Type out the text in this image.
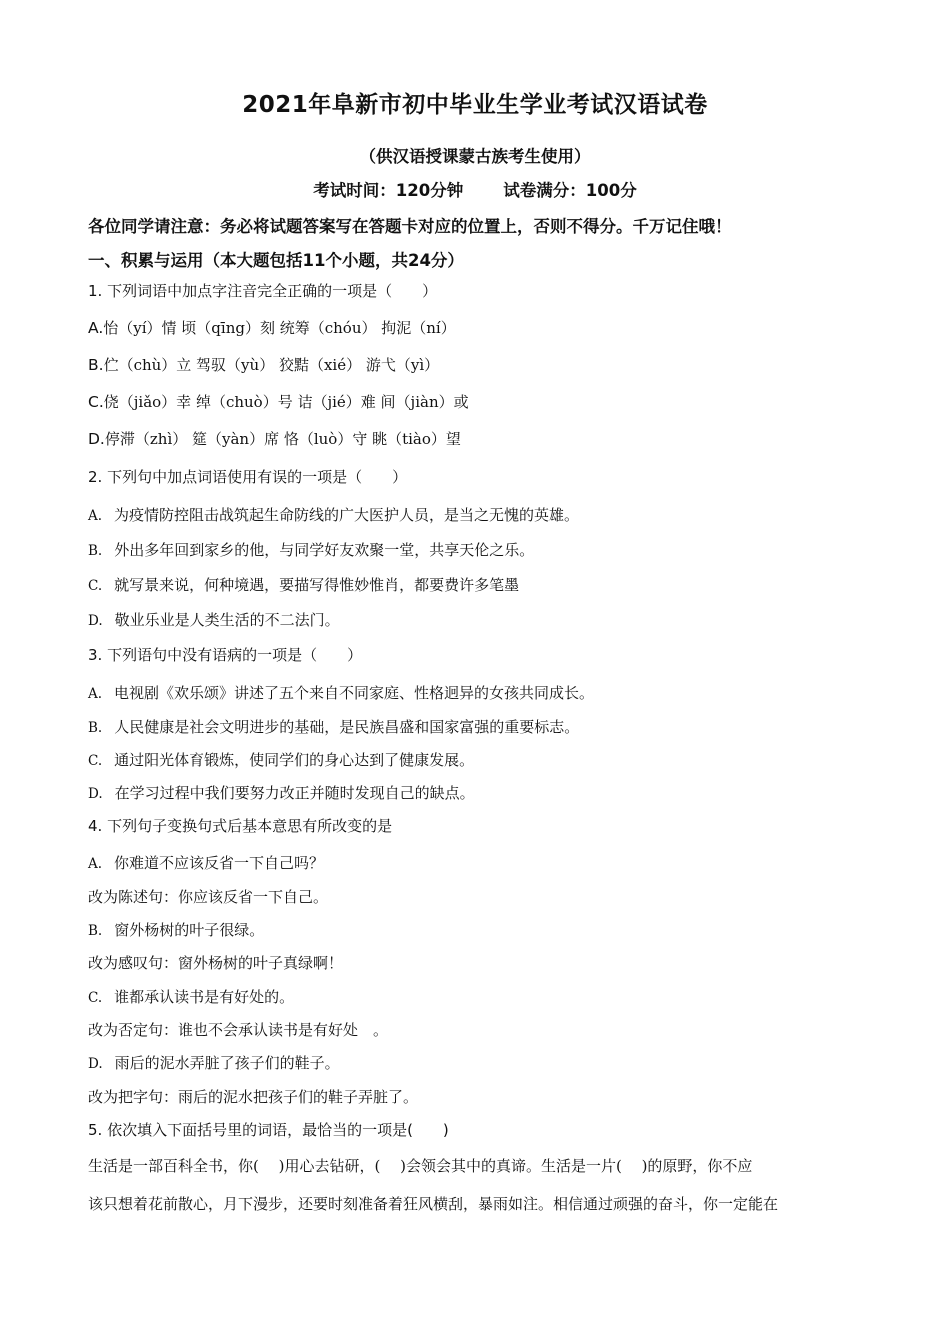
2021年阜新市初中毕业生学业考试汉语试卷
（供汉语授课蒙古族考生使用）
考试时间：120分钟 试卷满分：100分
各位同学请注意：务必将试题答案写在答题卡对应的位置上，否则不得分。千万记住哦！
一、积累与运用（本大题包括11个小题，共24分）
1. 下列词语中加点字注音完全正确的一项是（　　）
A.怡（yí）情 顷（qīng）刻 统筹（chóu） 拘泥（ní）
B.伫（chù）立 驾驭（yù） 狡黠（xié） 游弋（yì）
C.侥（jiǎo）幸 绰（chuò）号 诘（jié）难 间（jiàn）或
D.停滞（zhì） 筵（yàn）席 恪（luò）守 眺（tiào）望
2. 下列句中加点词语使用有误的一项是（　　）
A. 为疫情防控阻击战筑起生命防线的广大医护人员，是当之无愧的英雄。
B. 外出多年回到家乡的他，与同学好友欢聚一堂，共享天伦之乐。
C. 就写景来说，何种境遇，要描写得惟妙惟肖，都要费许多笔墨
D. 敬业乐业是人类生活的不二法门。
3. 下列语句中没有语病的一项是（　　）
A. 电视剧《欢乐颂》讲述了五个来自不同家庭、性格迥异的女孩共同成长。
B. 人民健康是社会文明进步的基础，是民族昌盛和国家富强的重要标志。
C. 通过阳光体育锻炼，使同学们的身心达到了健康发展。
D. 在学习过程中我们要努力改正并随时发现自己的缺点。
4. 下列句子变换句式后基本意思有所改变的是
A. 你难道不应该反省一下自己吗？
改为陈述句：你应该反省一下自己。
B. 窗外杨树的叶子很绿。
改为感叹句：窗外杨树的叶子真绿啊！
C. 谁都承认读书是有好处的。
改为否定句：谁也不会承认读书是有好处　。
D. 雨后的泥水弄脏了孩子们的鞋子。
改为把字句：雨后的泥水把孩子们的鞋子弄脏了。
5. 依次填入下面括号里的词语，最恰当的一项是(　　)
生活是一部百科全书，你(　 )用心去钻研，(　 )会领会其中的真谛。生活是一片(　 )的原野，你不应
该只想着花前散心，月下漫步，还要时刻准备着狂风横刮，暴雨如注。相信通过顽强的奋斗，你一定能在
